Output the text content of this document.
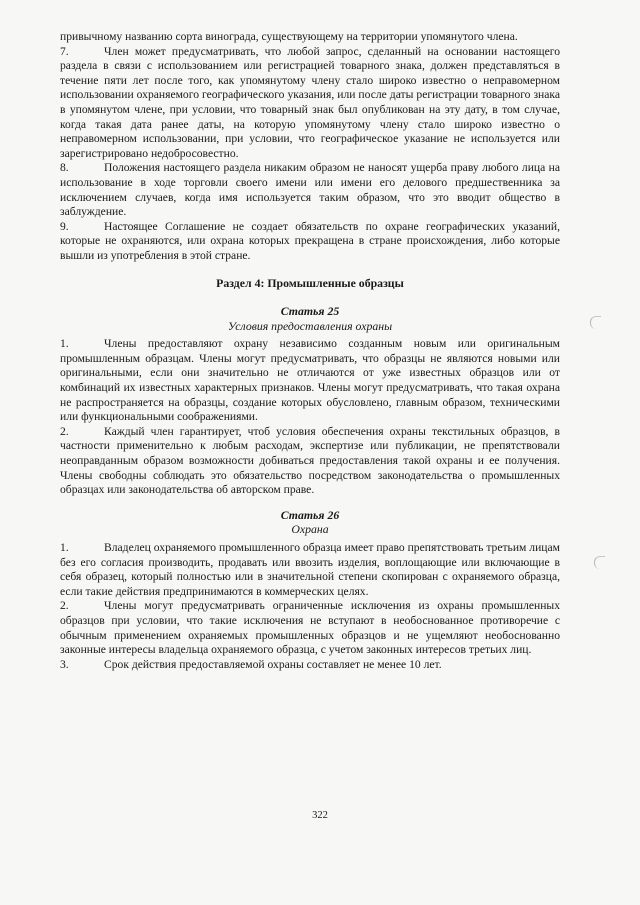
привычному названию сорта винограда, существующему на территории упомянутого члена.

7.	Член может предусматривать, что любой запрос, сделанный на основании настоящего раздела в связи с использованием или регистрацией товарного знака, должен представляться в течение пяти лет после того, как упомянутому члену стало широко известно о неправомерном использовании охраняемого географического указания, или после даты регистрации товарного знака в упомянутом члене, при условии, что товарный знак был опубликован на эту дату, в том случае, когда такая дата ранее даты, на которую упомянутому члену стало широко известно о неправомерном использовании, при условии, что географическое указание не используется или зарегистрировано недобросовестно.

8.	Положения настоящего раздела никаким образом не наносят ущерба праву любого лица на использование в ходе торговли своего имени или имени его делового предшественника за исключением случаев, когда имя используется таким образом, что это вводит общество в заблуждение.

9.	Настоящее Соглашение не создает обязательств по охране географических указаний, которые не охраняются, или охрана которых прекращена в стране происхождения, либо которые вышли из употребления в этой стране.

Раздел 4: Промышленные образцы

Статья 25

Условия предоставления охраны

1.	Члены предоставляют охрану независимо созданным новым или оригинальным промышленным образцам. Члены могут предусматривать, что образцы не являются новыми или оригинальными, если они значительно не отличаются от уже известных образцов или от комбинаций их известных характерных признаков. Члены могут предусматривать, что такая охрана не распространяется на образцы, создание которых обусловлено, главным образом, техническими или функциональными соображениями.

2.	Каждый член гарантирует, чтоб условия обеспечения охраны текстильных образцов, в частности применительно к любым расходам, экспертизе или публикации, не препятствовали неоправданным образом возможности добиваться предоставления такой охраны и ее получения. Члены свободны соблюдать это обязательство посредством законодательства о промышленных образцах или законодательства об авторском праве.

Статья 26

Охрана

1.	Владелец охраняемого промышленного образца имеет право препятствовать третьим лицам без его согласия производить, продавать или ввозить изделия, воплощающие или включающие в себя образец, который полностью или в значительной степени скопирован с охраняемого образца, если такие действия предпринимаются в коммерческих целях.

2.	Члены могут предусматривать ограниченные исключения из охраны промышленных образцов при условии, что такие исключения не вступают в необоснованное противоречие с обычным применением охраняемых промышленных образцов и не ущемляют необоснованно законные интересы владельца охраняемого образца, с учетом законных интересов третьих лиц.

3.	Срок действия предоставляемой охраны составляет не менее 10 лет.

322
